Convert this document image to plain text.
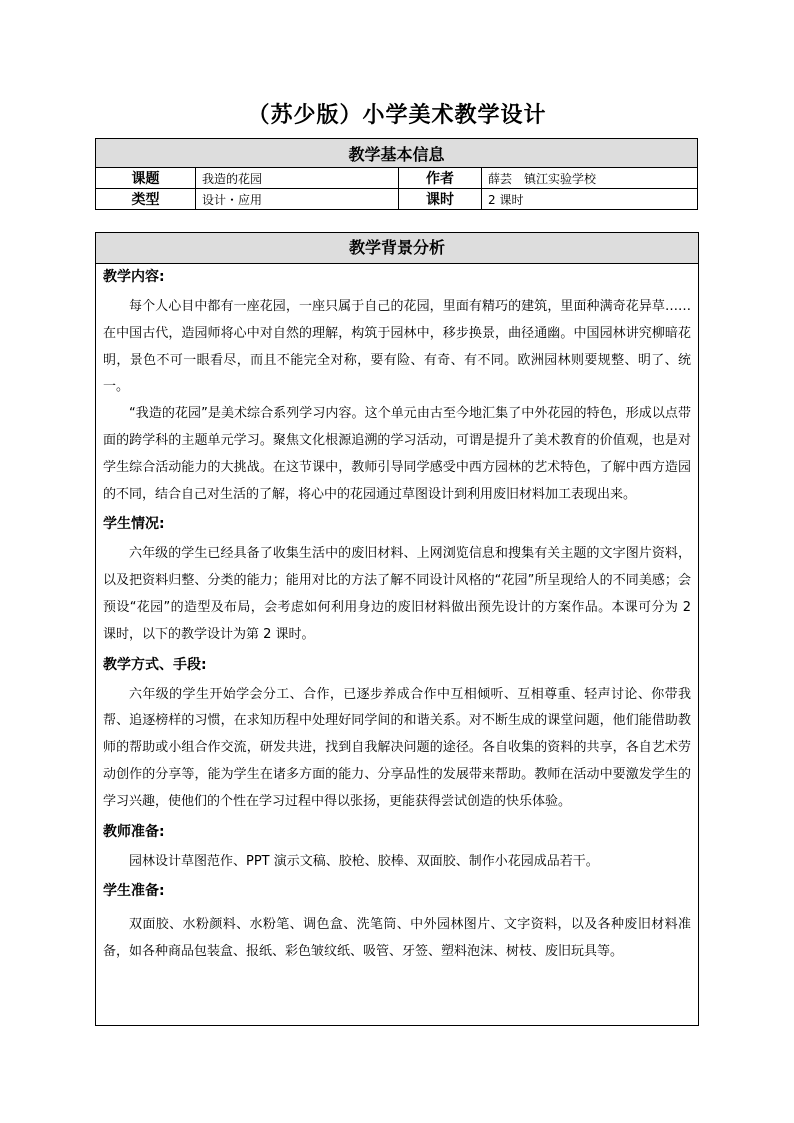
（苏少版）小学美术教学设计
教学基本信息			
课题	我造的花园	作者	薛芸　镇江实验学校
类型	设计・应用	课时	2 课时
教学背景分析

教学内容:

每个人心目中都有一座花园，一座只属于自己的花园，里面有精巧的建筑，里面种满奇花异草……在中国古代，造园师将心中对自然的理解，构筑于园林中，移步换景，曲径通幽。中国园林讲究柳暗花明，景色不可一眼看尽，而且不能完全对称，要有险、有奇、有不同。欧洲园林则要规整、明了、统一。

“我造的花园”是美术综合系列学习内容。这个单元由古至今地汇集了中外花园的特色，形成以点带面的跨学科的主题单元学习。聚焦文化根源追溯的学习活动，可谓是提升了美术教育的价值观，也是对学生综合活动能力的大挑战。在这节课中，教师引导同学感受中西方园林的艺术特色，了解中西方造园的不同，结合自己对生活的了解，将心中的花园通过草图设计到利用废旧材料加工表现出来。

学生情况:

六年级的学生已经具备了收集生活中的废旧材料、上网浏览信息和搜集有关主题的文字图片资料，以及把资料归整、分类的能力；能用对比的方法了解不同设计风格的“花园”所呈现给人的不同美感；会预设“花园”的造型及布局，会考虑如何利用身边的废旧材料做出预先设计的方案作品。本课可分为 2 课时，以下的教学设计为第 2 课时。

教学方式、手段:

六年级的学生开始学会分工、合作，已逐步养成合作中互相倾听、互相尊重、轻声讨论、你带我帮、追逐榜样的习惯，在求知历程中处理好同学间的和谐关系。对不断生成的课堂问题，他们能借助教师的帮助或小组合作交流，研发共进，找到自我解决问题的途径。各自收集的资料的共享，各自艺术劳动创作的分享等，能为学生在诸多方面的能力、分享品性的发展带来帮助。教师在活动中要激发学生的学习兴趣，使他们的个性在学习过程中得以张扬，更能获得尝试创造的快乐体验。

教师准备:

园林设计草图范作、PPT 演示文稿、胶枪、胶棒、双面胶、制作小花园成品若干。

学生准备:

双面胶、水粉颜料、水粉笔、调色盒、洗笔筒、中外园林图片、文字资料，以及各种废旧材料准备，如各种商品包装盒、报纸、彩色皱纹纸、吸管、牙签、塑料泡沫、树枝、废旧玩具等。
